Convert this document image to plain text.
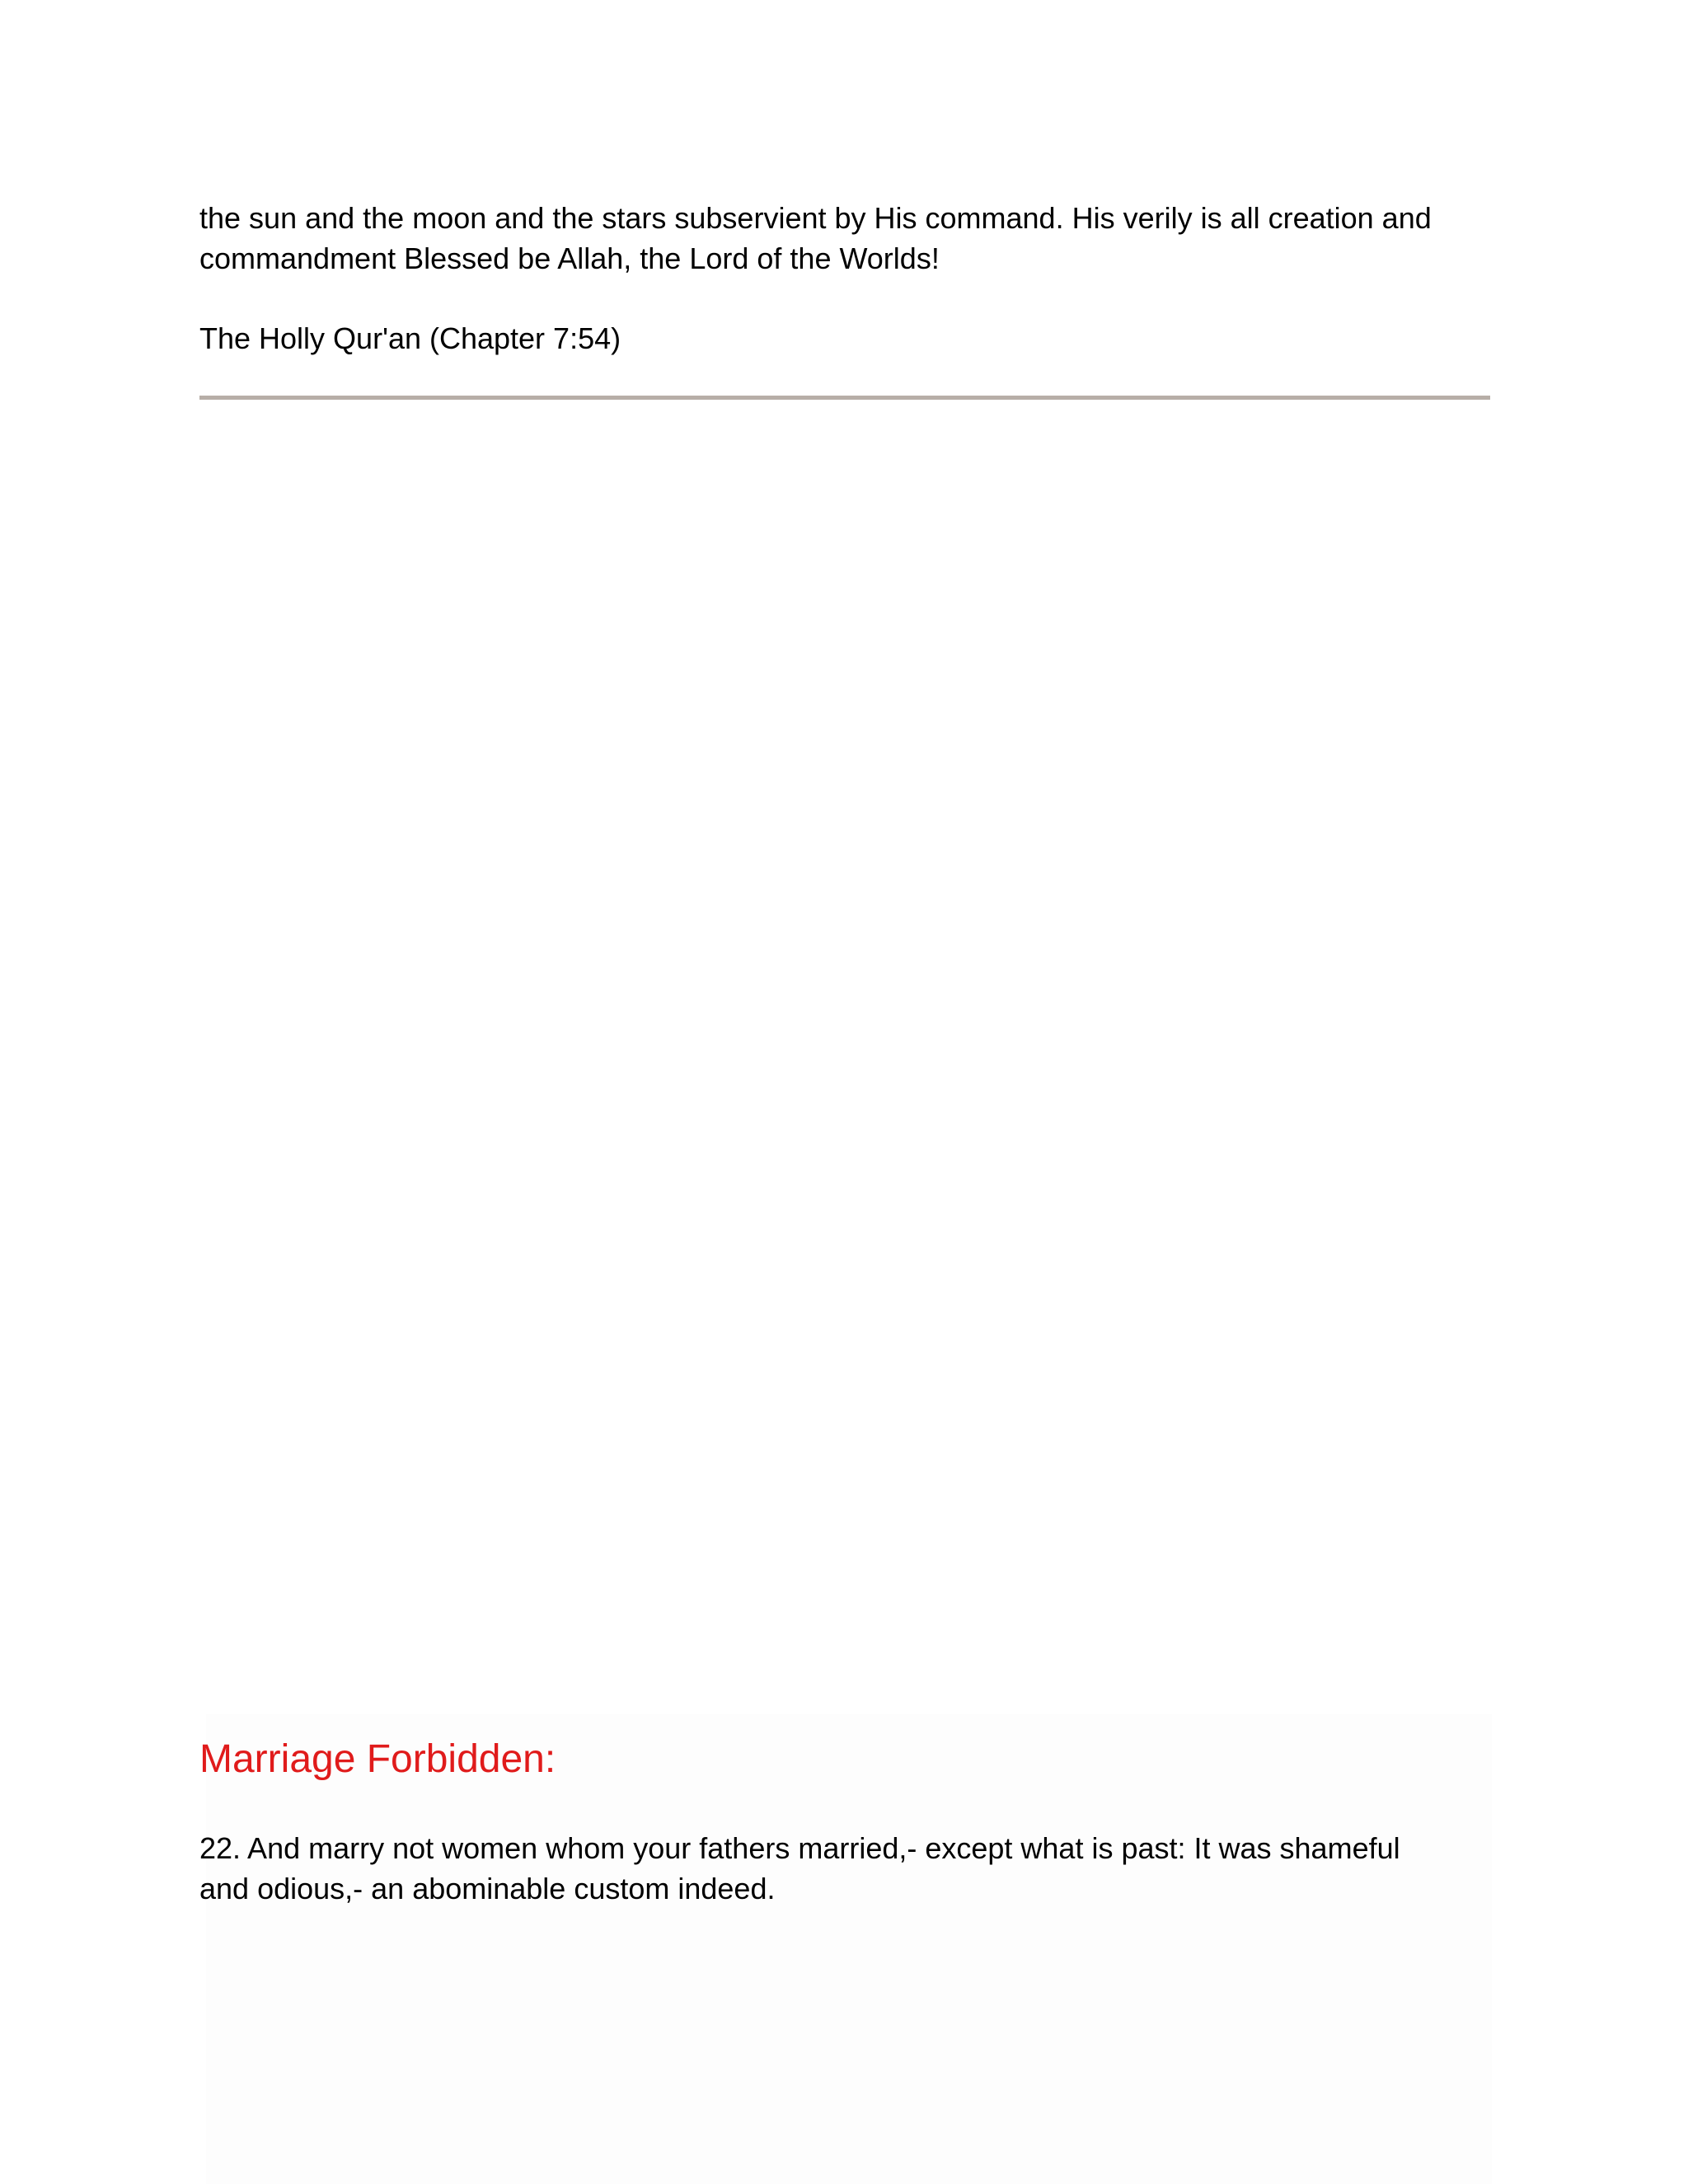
the sun and the moon and the stars subservient by His command. His verily is all creation and
commandment Blessed be Allah, the Lord of the Worlds!

The Holly Qur'an (Chapter 7:54)

Marriage Forbidden:

22. And marry not women whom your fathers married,- except what is past: It was shameful
and odious,- an abominable custom indeed.
